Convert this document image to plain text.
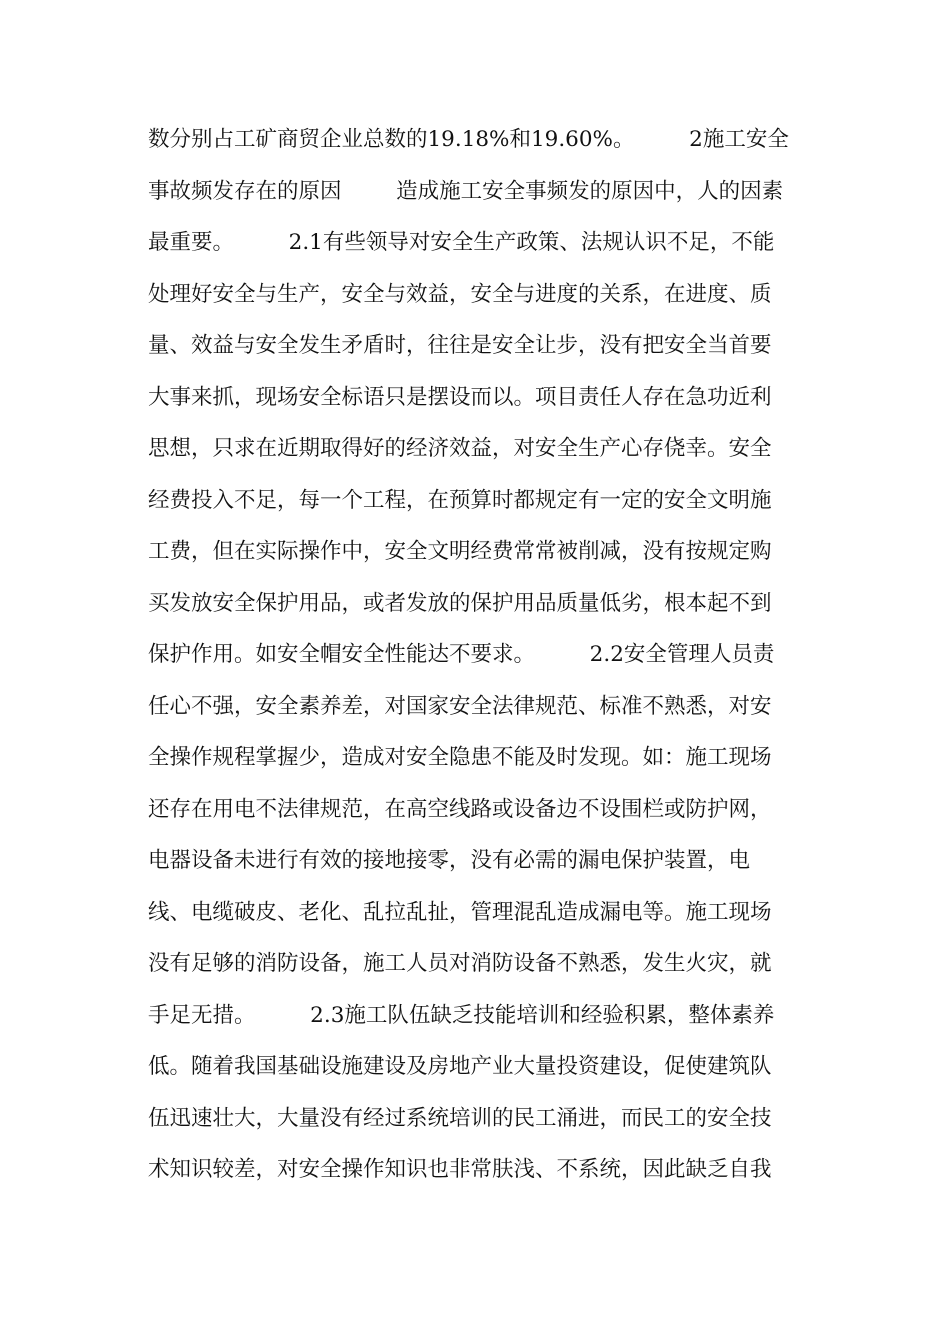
数分别占工矿商贸企业总数的19.18%和19.60%。        2施工安全
事故频发存在的原因        造成施工安全事频发的原因中，人的因素
最重要。        2.1有些领导对安全生产政策、法规认识不足，不能
处理好安全与生产，安全与效益，安全与进度的关系，在进度、质
量、效益与安全发生矛盾时，往往是安全让步，没有把安全当首要
大事来抓，现场安全标语只是摆设而以。项目责任人存在急功近利
思想，只求在近期取得好的经济效益，对安全生产心存侥幸。安全
经费投入不足，每一个工程，在预算时都规定有一定的安全文明施
工费，但在实际操作中，安全文明经费常常被削减，没有按规定购
买发放安全保护用品，或者发放的保护用品质量低劣，根本起不到
保护作用。如安全帽安全性能达不要求。        2.2安全管理人员责
任心不强，安全素养差，对国家安全法律规范、标准不熟悉，对安
全操作规程掌握少，造成对安全隐患不能及时发现。如：施工现场
还存在用电不法律规范，在高空线路或设备边不设围栏或防护网，
电器设备未进行有效的接地接零，没有必需的漏电保护装置，电
线、电缆破皮、老化、乱拉乱扯，管理混乱造成漏电等。施工现场
没有足够的消防设备，施工人员对消防设备不熟悉，发生火灾，就
手足无措。        2.3施工队伍缺乏技能培训和经验积累，整体素养
低。随着我国基础设施建设及房地产业大量投资建设，促使建筑队
伍迅速壮大，大量没有经过系统培训的民工涌进，而民工的安全技
术知识较差，对安全操作知识也非常肤浅、不系统，因此缺乏自我
